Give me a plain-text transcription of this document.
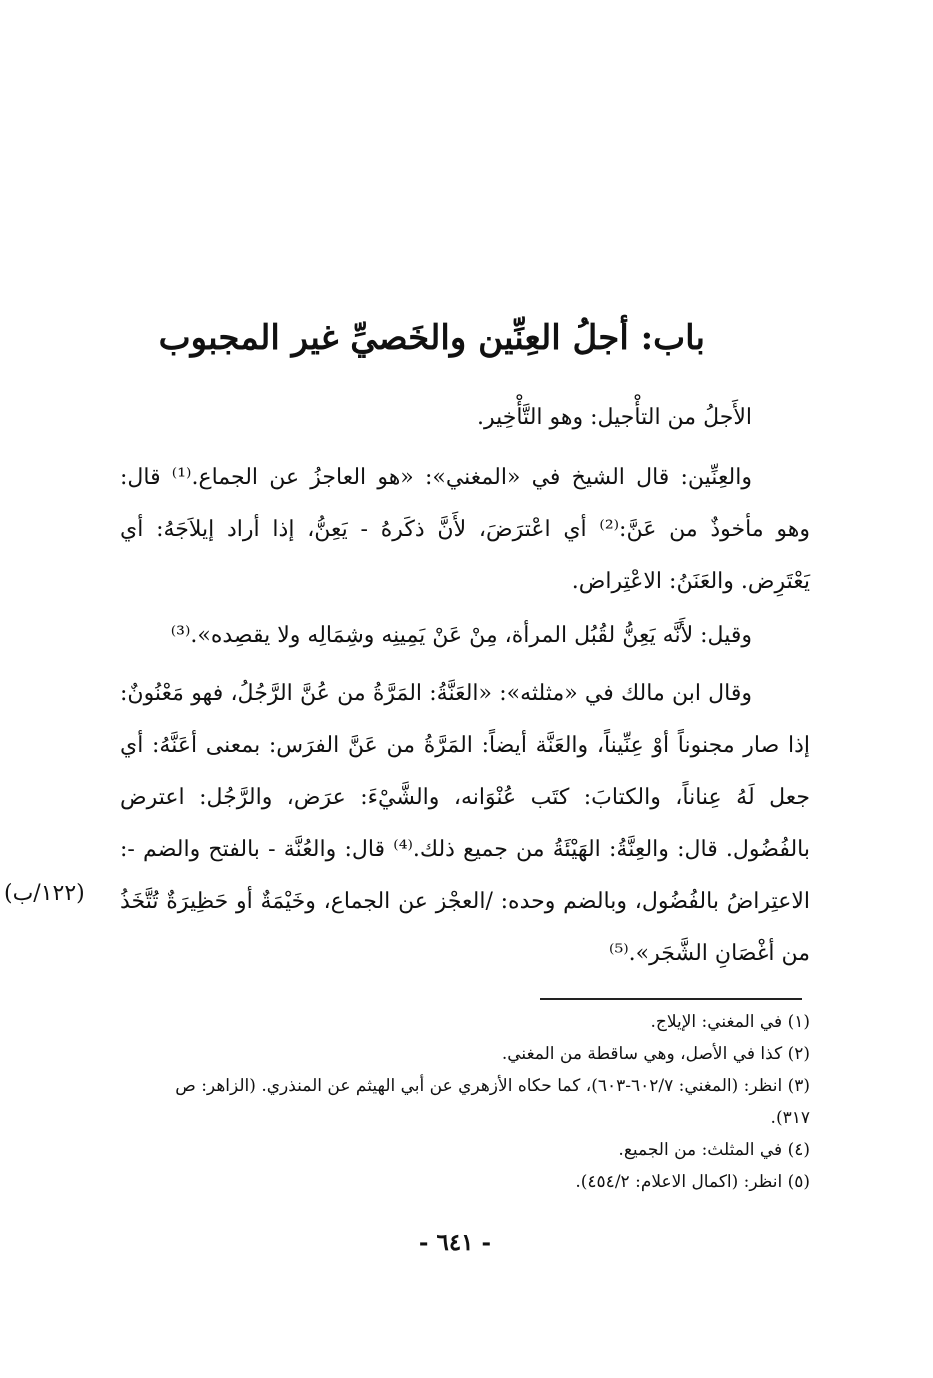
باب: أجلُ العِنِّين والخَصيِّ غير المجبوب

الأَجلُ من التأْجيل: وهو التَّأْخِير.

والعِنِّين: قال الشيخ في «المغني»: «هو العاجزُ عن الجماع.⁽¹⁾ قال: وهو مأخوذٌ من عَنَّ:⁽²⁾ أي اعْترَضَ، لأَنَّ ذكَرهُ - يَعِنُّ، إذا أراد إيلاَجَهُ: أي يَعْتَرِض. والعَنَنُ: الاعْتِراض.

وقيل: لأَنَّه يَعِنُّ لقُبُل المرأة، مِنْ عَنْ يَمِينِه وشِمَالِه ولا يقصِده».⁽³⁾

وقال ابن مالك في «مثلثه»: «العَنَّةُ: المَرَّةُ من عُنَّ الرَّجُلُ، فهو مَعْنُونٌ: إذا صار مجنوناً أوْ عِنِّيناً، والعَنَّة أيضاً: المَرَّةُ من عَنَّ الفرَس: بمعنى أعَنَّهُ: أي جعل لَهُ عِناناً، والكتابَ: كتَب عُنْوَانه، والشَّيْءَ: عرَض، والرَّجُل: اعترض بالفُضُول. قال: والعِنَّةُ: الهَيْئَةُ من جميع ذلك.⁽⁴⁾ قال: والعُنَّة - بالفتح والضم -: الاعتِراضُ بالفُضُول، وبالضم وحده: /العجْز عن الجماع، وخَيْمَةٌ أو حَظِيرَةٌ تُتَّخَذُ من أغْصَانِ الشَّجَر».⁽⁵⁾

(١٢٢/ب)

(١) في المغني: الإيلاج.

(٢) كذا في الأصل، وهي ساقطة من المغني.

(٣) انظر: (المغني: ٦٠٢/٧-٦٠٣)، كما حكاه الأزهري عن أبي الهيثم عن المنذري. (الزاهر: ص ٣١٧).

(٤) في المثلث: من الجميع.

(٥) انظر: (اكمال الاعلام: ٤٥٤/٢).

- ٦٤١ -
